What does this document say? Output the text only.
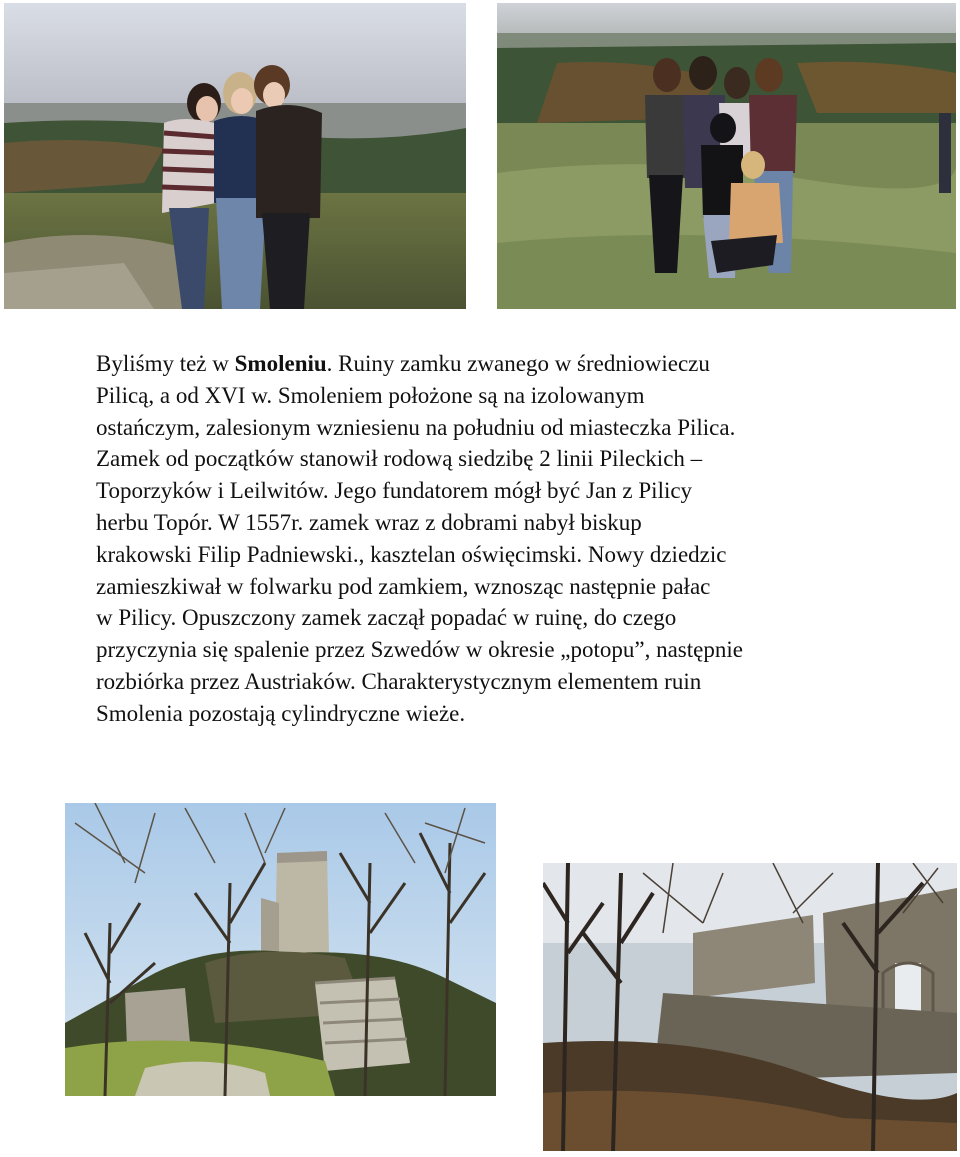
Byliśmy też w Smoleniu. Ruiny zamku zwanego w średniowieczu
Pilicą, a od XVI w. Smoleniem położone są na izolowanym
ostańczym, zalesionym wzniesienu na południu od miasteczka Pilica.
Zamek od początków stanowił rodową siedzibę 2 linii Pileckich –
Toporzyków i Leilwitów. Jego fundatorem mógł być Jan z Pilicy
herbu Topór. W 1557r. zamek wraz z dobrami nabył biskup
krakowski Filip Padniewski., kasztelan oświęcimski. Nowy dziedzic
zamieszkiwał w folwarku pod zamkiem, wznosząc następnie pałac
w Pilicy. Opuszczony zamek zaczął popadać w ruinę, do czego
przyczynia się spalenie przez Szwedów w okresie „potopu”, następnie
rozbiórka przez Austriaków. Charakterystycznym elementem ruin
Smolenia pozostają cylindryczne wieże.
